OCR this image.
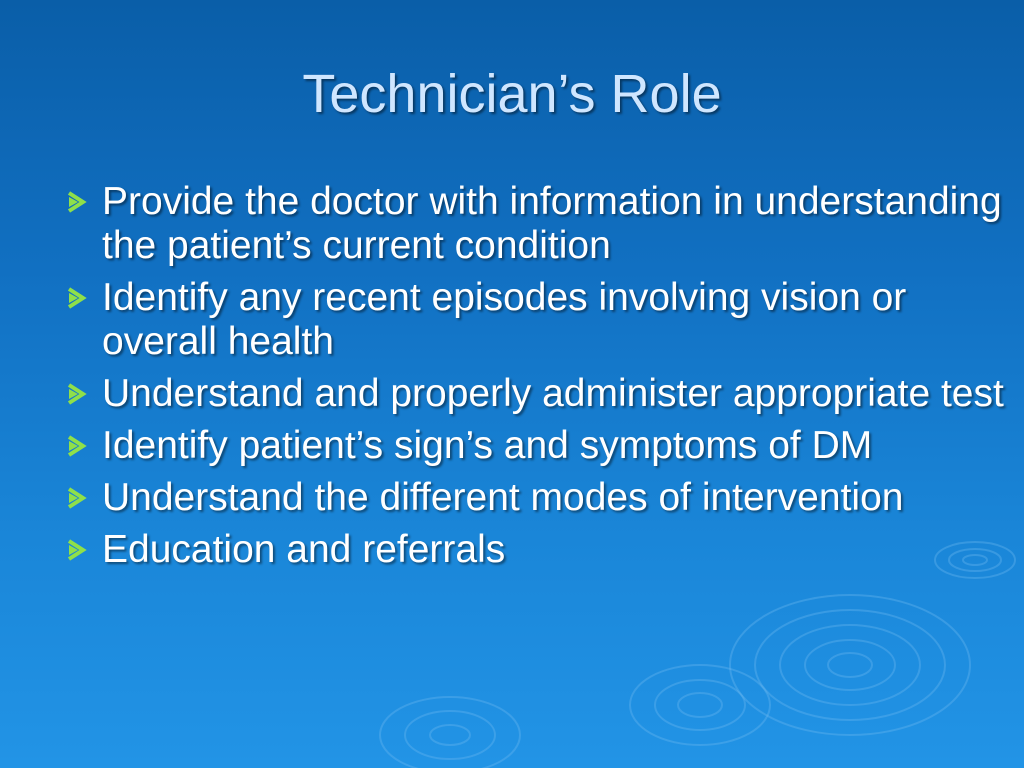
Technician’s Role
Provide the doctor with information in understanding the patient’s current condition
Identify any recent episodes involving vision or overall health
Understand and properly administer appropriate test
Identify patient’s sign’s and symptoms of DM
Understand the different modes of intervention
Education and referrals
